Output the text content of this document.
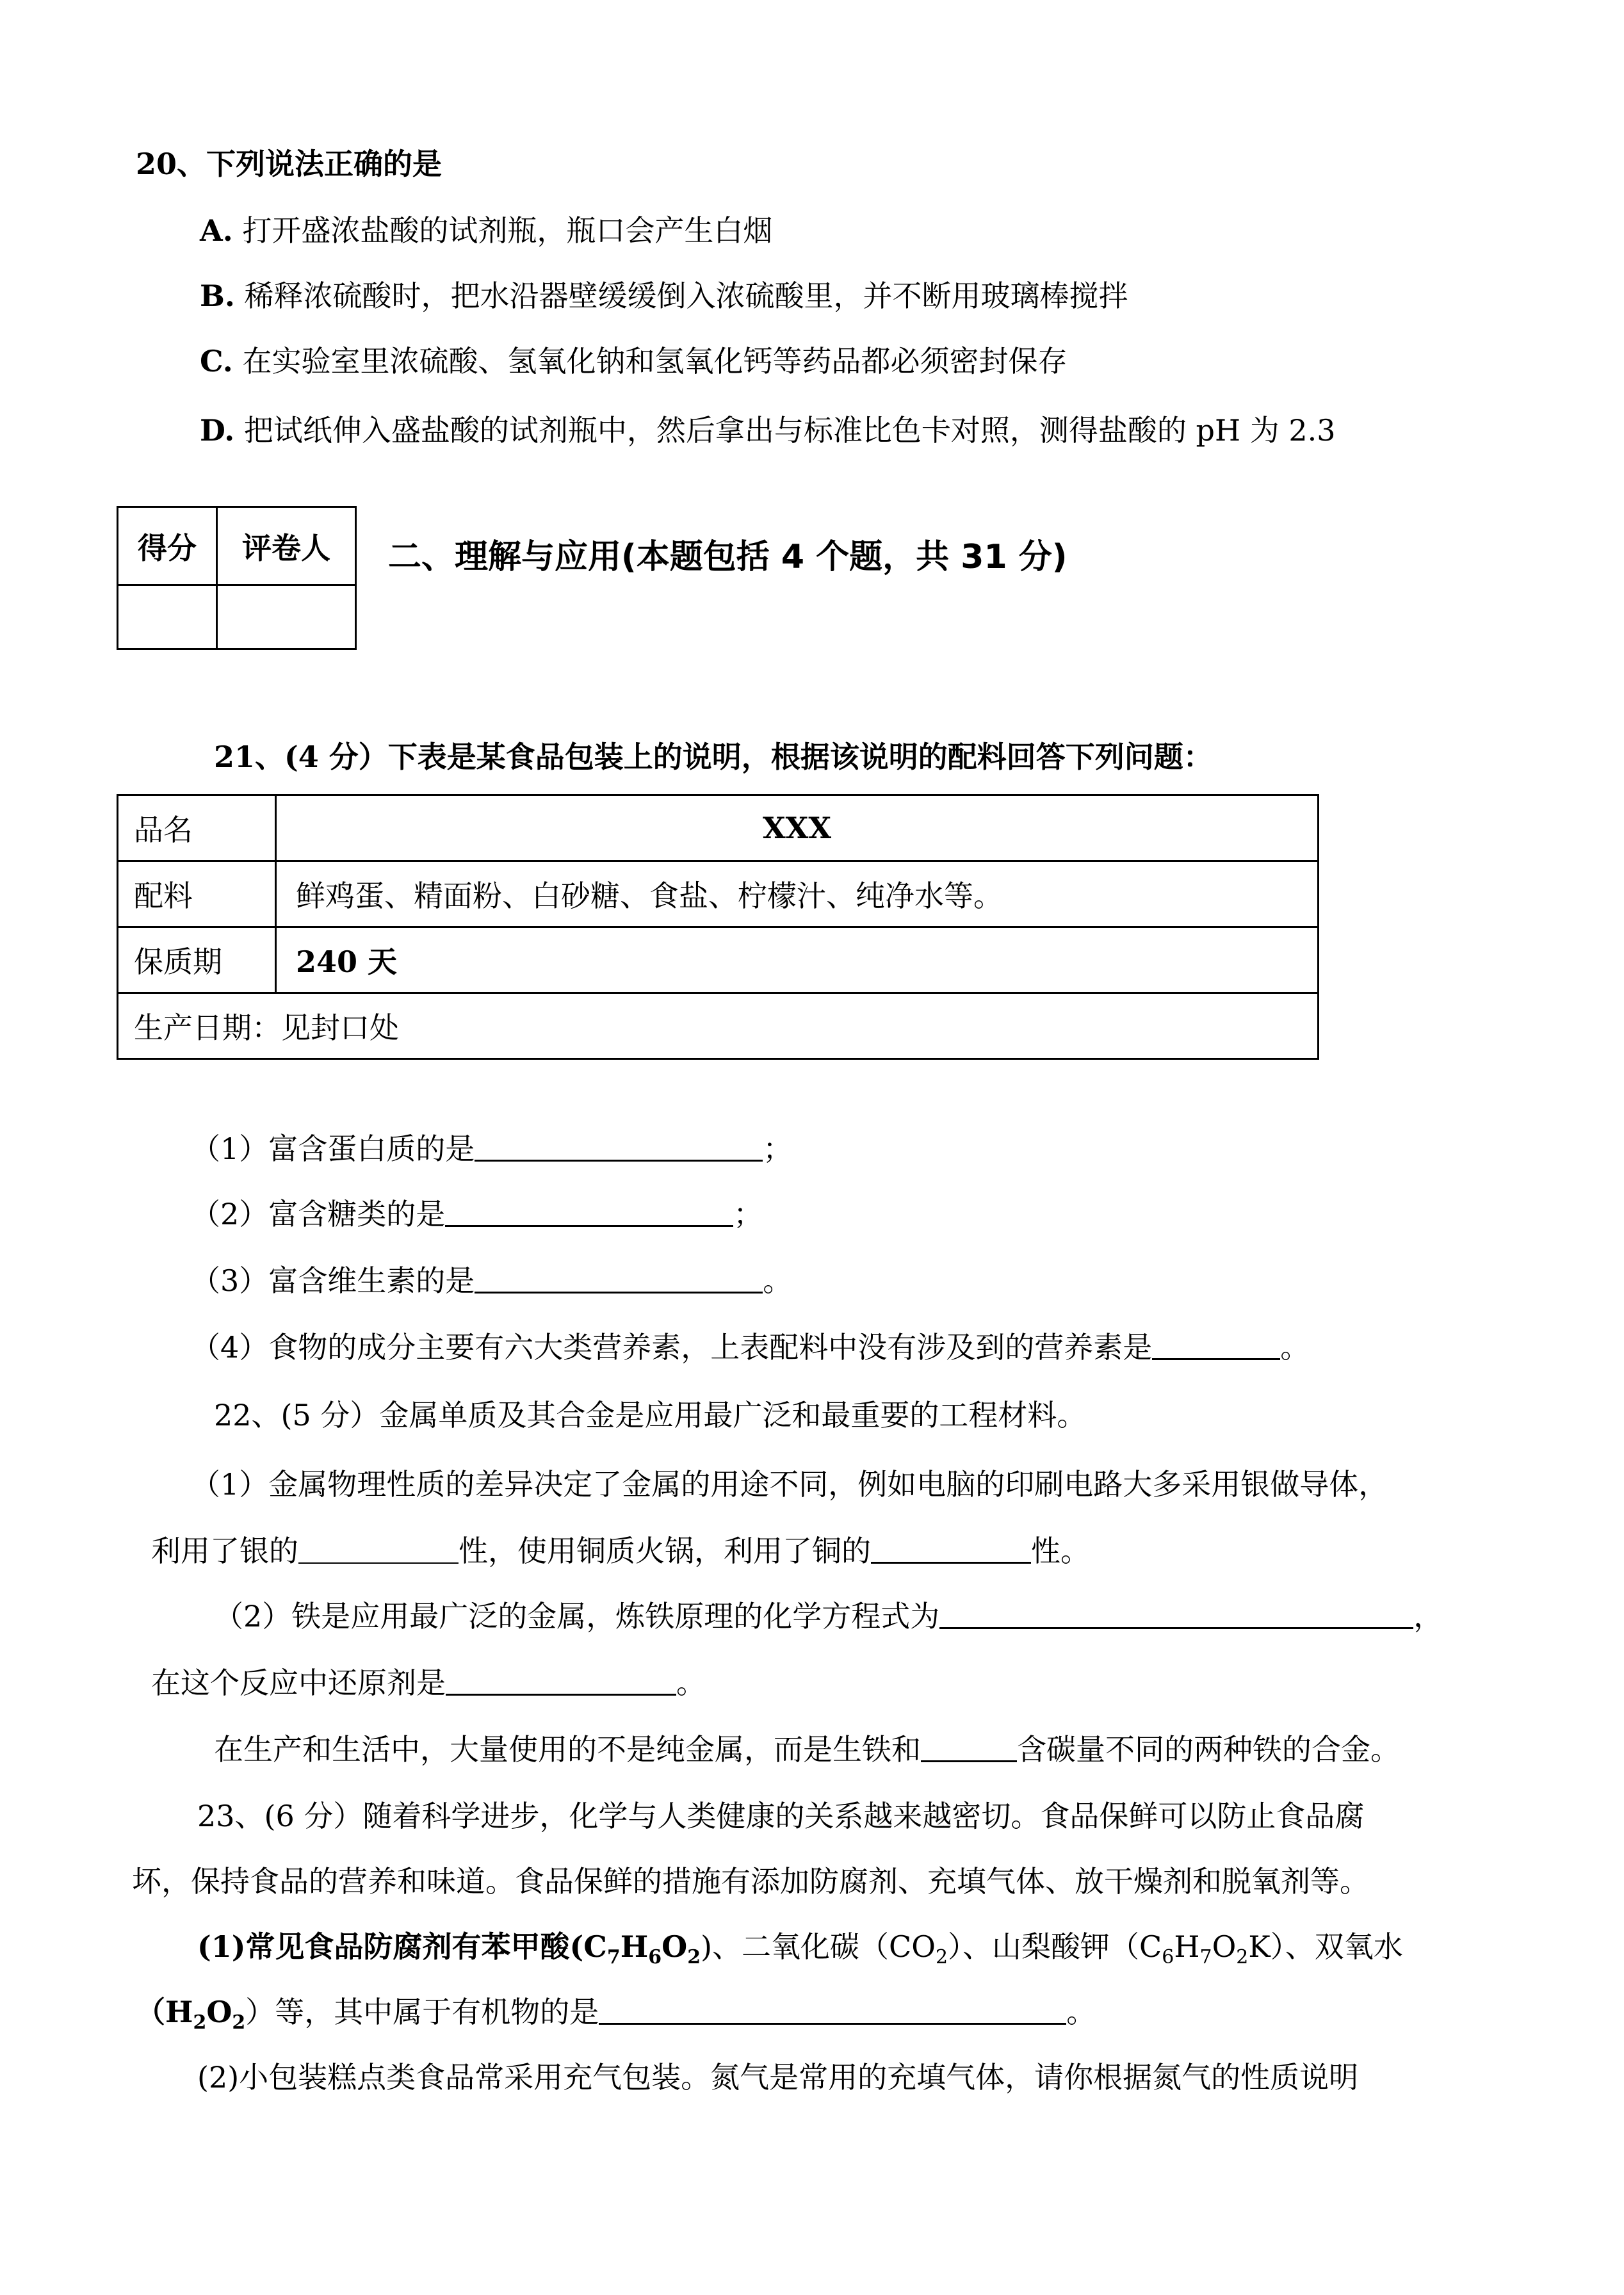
20、下列说法正确的是
A. 打开盛浓盐酸的试剂瓶，瓶口会产生白烟
B. 稀释浓硫酸时，把水沿器壁缓缓倒入浓硫酸里，并不断用玻璃棒搅拌
C. 在实验室里浓硫酸、氢氧化钠和氢氧化钙等药品都必须密封保存
D. 把试纸伸入盛盐酸的试剂瓶中，然后拿出与标准比色卡对照，测得盐酸的 pH 为 2.3
得分	评卷人
	二、理解与应用(本题包括 4 个题，共 31 分)
21、(4 分）下表是某食品包装上的说明，根据该说明的配料回答下列问题：
品名	XXX
配料	鲜鸡蛋、精面粉、白砂糖、食盐、柠檬汁、纯净水等。
保质期	240 天
生产日期：见封口处	
（1）富含蛋白质的是	；
（2）富含糖类的是	；
（3）富含维生素的是	。
（4）食物的成分主要有六大类营养素，上表配料中没有涉及到的营养素是	。
22、(5 分）金属单质及其合金是应用最广泛和最重要的工程材料。
（1）金属物理性质的差异决定了金属的用途不同，例如电脑的印刷电路大多采用银做导体，
利用了银的	性，使用铜质火锅，利用了铜的	性。
（2）铁是应用最广泛的金属，炼铁原理的化学方程式为	，
在这个反应中还原剂是	。
在生产和生活中，大量使用的不是纯金属，而是生铁和	含碳量不同的两种铁的合金。
23、(6 分）随着科学进步，化学与人类健康的关系越来越密切。食品保鲜可以防止食品腐
坏，保持食品的营养和味道。食品保鲜的措施有添加防腐剂、充填气体、放干燥剂和脱氧剂等。
(1)常见食品防腐剂有苯甲酸$(C_7H_6O_2)$、二氧化碳$(CO_2)$、山梨酸钾$(C_6H_7O_2K)$、双氧水
$(H_2O_2)$等，其中属于有机物的是	。
(2)小包装糕点类食品常采用充气包装。氮气是常用的充填气体，请你根据氮气的性质说明
